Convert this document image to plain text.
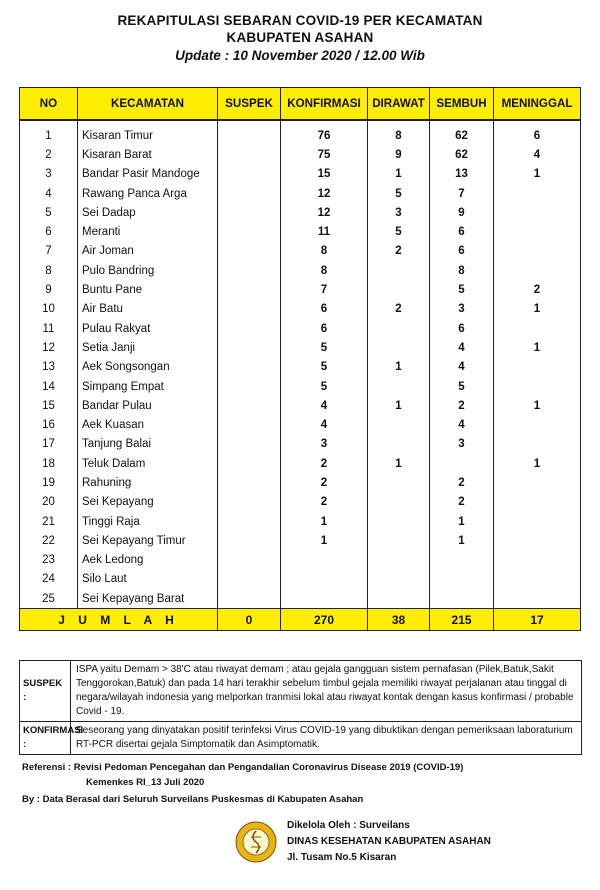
REKAPITULASI SEBARAN COVID-19 PER KECAMATAN
KABUPATEN ASAHAN
Update : 10 November 2020 / 12.00 Wib
NO	KECAMATAN	SUSPEK	KONFIRMASI	DIRAWAT	SEMBUH	MENINGGAL

1	Kisaran Timur		76	8	62	6
2	Kisaran Barat		75	9	62	4
3	Bandar Pasir Mandoge		15	1	13	1
4	Rawang Panca Arga		12	5	7	
5	Sei Dadap		12	3	9	
6	Meranti		11	5	6	
7	Air Joman		8	2	6	
8	Pulo Bandring		8		8	
9	Buntu Pane		7		5	2
10	Air Batu		6	2	3	1
11	Pulau Rakyat		6		6	
12	Setia Janji		5		4	1
13	Aek Songsongan		5	1	4	
14	Simpang Empat		5		5	
15	Bandar Pulau		4	1	2	1
16	Aek Kuasan		4		4	
17	Tanjung Balai		3		3	
18	Teluk Dalam		2	1		1
19	Rahuning		2		2	
20	Sei Kepayang		2		2	
21	Tinggi Raja		1		1	
22	Sei Kepayang Timur		1		1	
23	Aek Ledong					
24	Silo Laut					
25	Sei Kepayang Barat					
J U M L A H		0	270	38	215	17
SUSPEK :
ISPA yaitu Demam > 38'C atau riwayat demam ; atau gejala gangguan sistem pernafasan (Pilek,Batuk,Sakit Tenggorokan,Batuk) dan pada 14 hari terakhir sebelum timbul gejala memiliki riwayat perjalanan atau tinggal di negara/wilayah indonesia yang melporkan tranmisi lokal atau riwayat kontak dengan kasus konfirmasi / probable Covid - 19.
KONFIRMASI :
Seseorang yang dinyatakan positif terinfeksi Virus COVID-19 yang dibuktikan dengan pemeriksaan laboraturium RT-PCR disertai gejala Simptomatik dan Asimptomatik.
Referensi : Revisi Pedoman Pencegahan dan Pengandalian Coronavirus Disease 2019 (COVID-19)
Kemenkes RI_13 Juli 2020
By : Data Berasal dari Seluruh Surveilans Puskesmas di Kabupaten Asahan
Dikelola Oleh : Surveilans
DINAS KESEHATAN KABUPATEN ASAHAN
Jl. Tusam No.5 Kisaran
